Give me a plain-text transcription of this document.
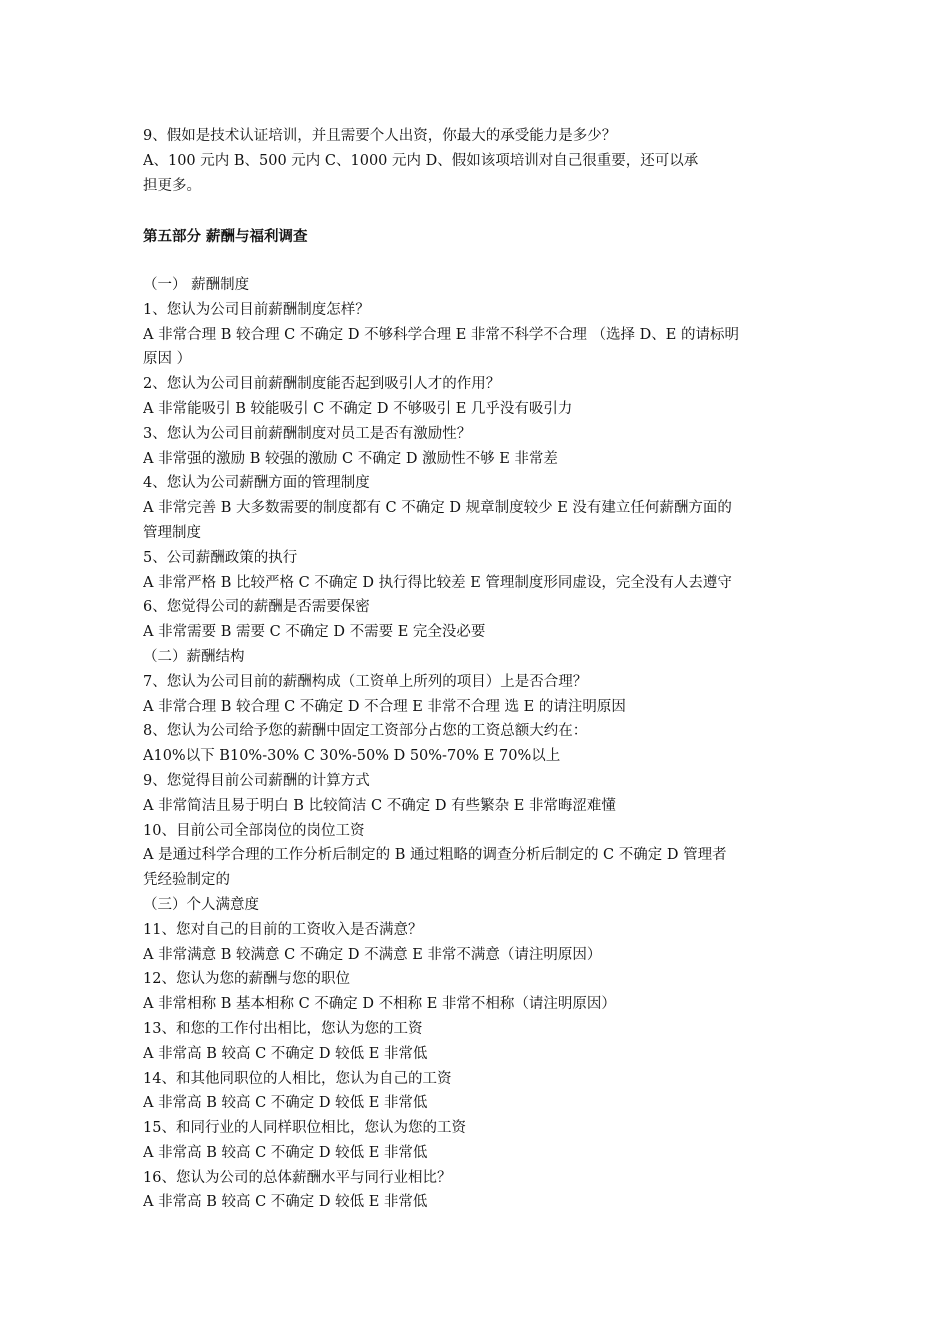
9、假如是技术认证培训，并且需要个人出资，你最大的承受能力是多少？
A、100 元内 B、500 元内 C、1000 元内 D、假如该项培训对自己很重要，还可以承
担更多。
第五部分 薪酬与福利调查
（一） 薪酬制度
1、您认为公司目前薪酬制度怎样？
A 非常合理 B 较合理 C 不确定 D 不够科学合理 E 非常不科学不合理 （选择 D、E 的请标明
原因 ）
2、您认为公司目前薪酬制度能否起到吸引人才的作用？
A 非常能吸引 B 较能吸引 C 不确定 D 不够吸引 E 几乎没有吸引力
3、您认为公司目前薪酬制度对员工是否有激励性？
A 非常强的激励 B 较强的激励 C 不确定 D 激励性不够 E 非常差
4、您认为公司薪酬方面的管理制度
A 非常完善 B 大多数需要的制度都有 C 不确定 D 规章制度较少 E 没有建立任何薪酬方面的
管理制度
5、公司薪酬政策的执行
A 非常严格 B 比较严格 C 不确定 D 执行得比较差 E 管理制度形同虚设，完全没有人去遵守
6、您觉得公司的薪酬是否需要保密
A 非常需要 B 需要 C 不确定 D 不需要 E 完全没必要
（二）薪酬结构
7、您认为公司目前的薪酬构成（工资单上所列的项目）上是否合理？
A 非常合理 B 较合理 C 不确定 D 不合理 E 非常不合理 选 E 的请注明原因
8、您认为公司给予您的薪酬中固定工资部分占您的工资总额大约在：
A10%以下 B10%-30% C 30%-50% D 50%-70% E 70%以上
9、您觉得目前公司薪酬的计算方式
A 非常简洁且易于明白 B 比较简洁 C 不确定 D 有些繁杂 E 非常晦涩难懂
10、目前公司全部岗位的岗位工资
A 是通过科学合理的工作分析后制定的 B 通过粗略的调查分析后制定的 C 不确定 D 管理者
凭经验制定的
（三）个人满意度
11、您对自己的目前的工资收入是否满意？
A 非常满意 B 较满意 C 不确定 D 不满意 E 非常不满意（请注明原因）
12、您认为您的薪酬与您的职位
A 非常相称 B 基本相称 C 不确定 D 不相称 E 非常不相称（请注明原因）
13、和您的工作付出相比，您认为您的工资
A 非常高 B 较高 C 不确定 D 较低 E 非常低
14、和其他同职位的人相比，您认为自己的工资
A 非常高 B 较高 C 不确定 D 较低 E 非常低
15、和同行业的人同样职位相比，您认为您的工资
A 非常高 B 较高 C 不确定 D 较低 E 非常低
16、您认为公司的总体薪酬水平与同行业相比？
A 非常高 B 较高 C 不确定 D 较低 E 非常低
